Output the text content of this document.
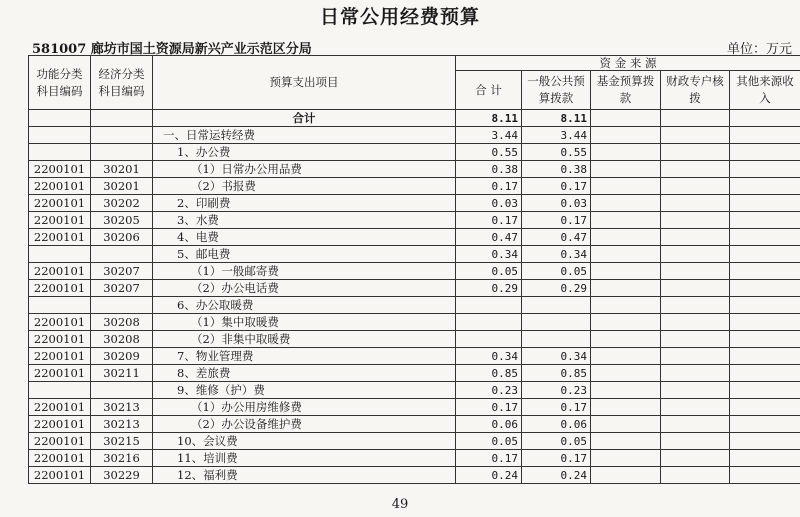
日常公用经费预算
581007 廊坊市国土资源局新兴产业示范区分局	单位：万元
功能分类科目编码	经济分类科目编码	预算支出项目	资 金 来 源				
			合 计	一般公共预算拨款	基金预算拨款	财政专户核拨	其他来源收入
		合计	8.11	8.11			
		一、日常运转经费	3.44	3.44			
		1、办公费	0.55	0.55			
2200101	30201	（1）日常办公用品费	0.38	0.38			
2200101	30201	（2）书报费	0.17	0.17			
2200101	30202	2、印刷费	0.03	0.03			
2200101	30205	3、水费	0.17	0.17			
2200101	30206	4、电费	0.47	0.47			
		5、邮电费	0.34	0.34			
2200101	30207	（1）一般邮寄费	0.05	0.05			
2200101	30207	（2）办公电话费	0.29	0.29			
		6、办公取暖费					
2200101	30208	（1）集中取暖费					
2200101	30208	（2）非集中取暖费					
2200101	30209	7、物业管理费	0.34	0.34			
2200101	30211	8、差旅费	0.85	0.85			
		9、维修（护）费	0.23	0.23			
2200101	30213	（1）办公用房维修费	0.17	0.17			
2200101	30213	（2）办公设备维护费	0.06	0.06			
2200101	30215	10、会议费	0.05	0.05			
2200101	30216	11、培训费	0.17	0.17			
2200101	30229	12、福利费	0.24	0.24			
49
